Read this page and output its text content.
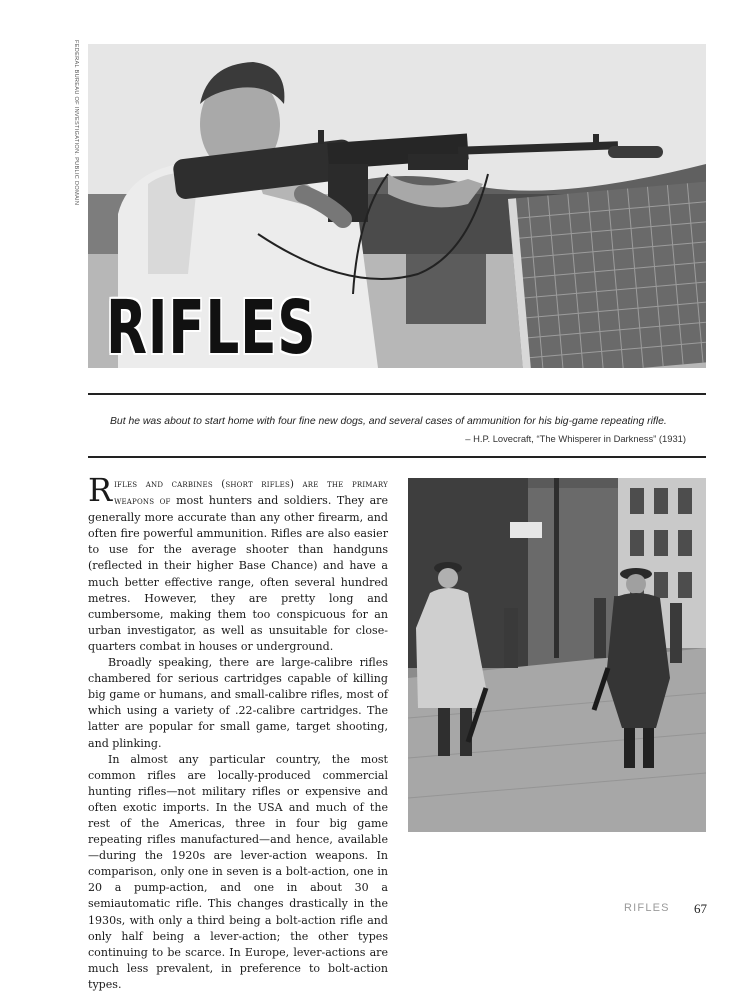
FEDERAL BUREAU OF INVESTIGATION. PUBLIC DOMAIN
RIFLES
But he was about to start home with four fine new dogs, and several cases of ammunition for his big-game repeating rifle.
– H.P. Lovecraft, “The Whisperer in Darkness” (1931)

Rifles and carbines (short rifles) are the primary weapons of most hunters and soldiers. They are generally more accurate than any other firearm, and often fire powerful ammunition. Rifles are also easier to use for the average shooter than handguns (reflected in their higher Base Chance) and have a much better effective range, often several hundred metres. However, they are pretty long and cumbersome, making them too conspicuous for an urban investigator, as well as unsuitable for close-quarters combat in houses or underground.

Broadly speaking, there are large-calibre rifles chambered for serious cartridges capable of killing big game or humans, and small-calibre rifles, most of which using a variety of .22-calibre cartridges. The latter are popular for small game, target shooting, and plinking.

In almost any particular country, the most common rifles are locally-produced commercial hunting rifles—not military rifles or expensive and often exotic imports. In the USA and much of the rest of the Americas, three in four big game repeating rifles manufactured—and hence, available—during the 1920s are lever-action weapons. In comparison, only one in seven is a bolt-action, one in 20 a pump-action, and one in about 30 a semiautomatic rifle. This changes drastically in the 1930s, with only a third being a bolt-action rifle and only half being a lever-action; the other types continuing to be scarce. In Europe, lever-actions are much less prevalent, in preference to bolt-action types.

RIFLES 67
